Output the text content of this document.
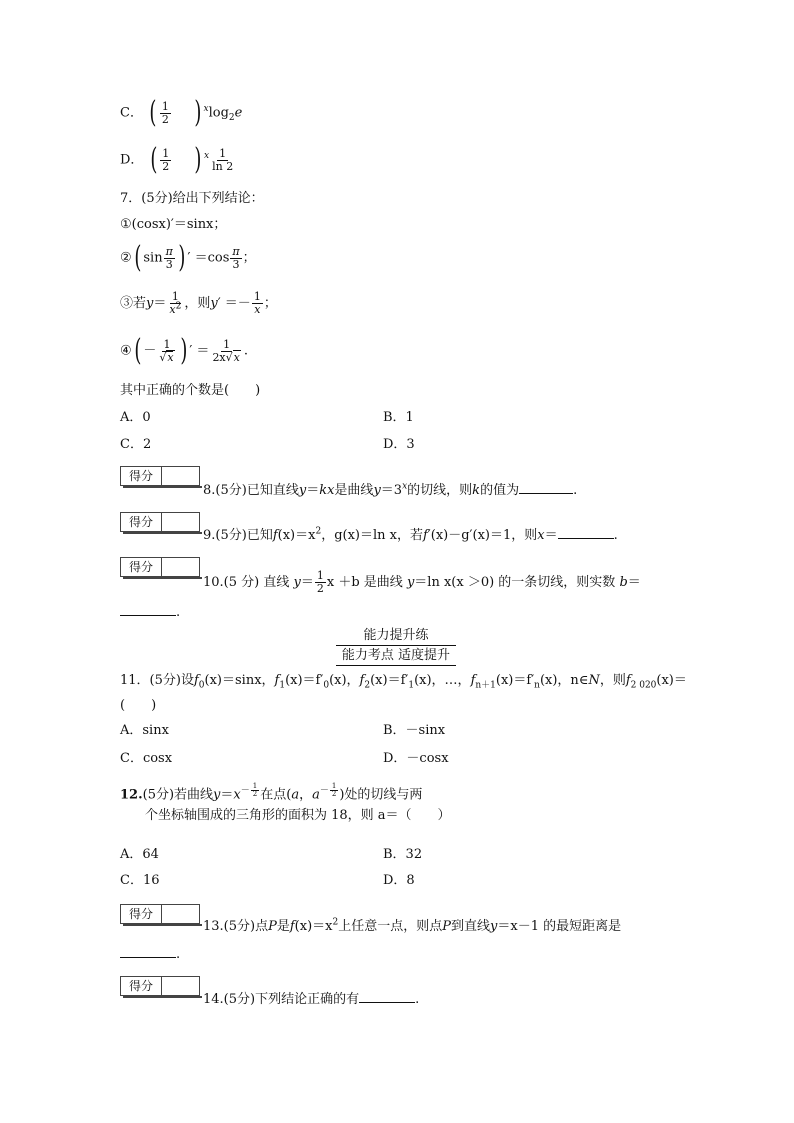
C． ( $\frac{1}{2}$ ) $^x\log_2e$
D． ( $\frac{1}{2}$ ) $^x \frac{1}{\ln 2}$
7．(5分)给出下列结论：
①(cosx)′＝sinx；
②( $\sin \frac{\pi}{3}$ ) ′ $=\cos \frac{\pi}{3}$ ；
③若$y= \frac{1}{x^2}$ ，则$y' =- \frac{1}{x}$ ；
④( － $\frac{1}{√x}$ ) ′ ＝ $\frac{1}{2x√x}$ .
其中正确的个数是(　　)
A．0	B．1
C．2	D．3
得分
8.(5分)已知直线y＝kx是曲线$y=3^x$的切线，则k的值为	.
得分
9.(5分)已知$f(x)=x^2$，g(x)＝ln x，若f′(x)－g′(x)＝1，则x＝	.
得分
10.(5 分) 直线 $y= \frac{1}{2}$ x ＋b 是曲线 y＝ln x(x ＞0) 的一条切线，则实数 b＝
.
能力提升练
能力考点 适度提升
11．(5分)设$f_0(x)=\sin x$，$f_1(x)=f'_0(x)$，$f_2(x)=f'_1(x)$，…，$f_{n+1}(x)=f'_n(x)$，n∈N，则$f_{2 020}(x)=$
(　　)
A．sinx	B．－sinx
C．cosx	D．－cosx
12.(5分)若曲线$y=x^{- \frac{1}{2}}$ 在点(a，$a^{- \frac{1}{2}}$ )处的切线与两
个坐标轴围成的三角形的面积为 18，则 a＝（　　）
A．64	B．32
C．16	D．8
得分
13.(5分)点P是$f(x)=x^2$上任意一点，则点P到直线y＝x－1 的最短距离是
.
得分
14.(5分)下列结论正确的有	.
